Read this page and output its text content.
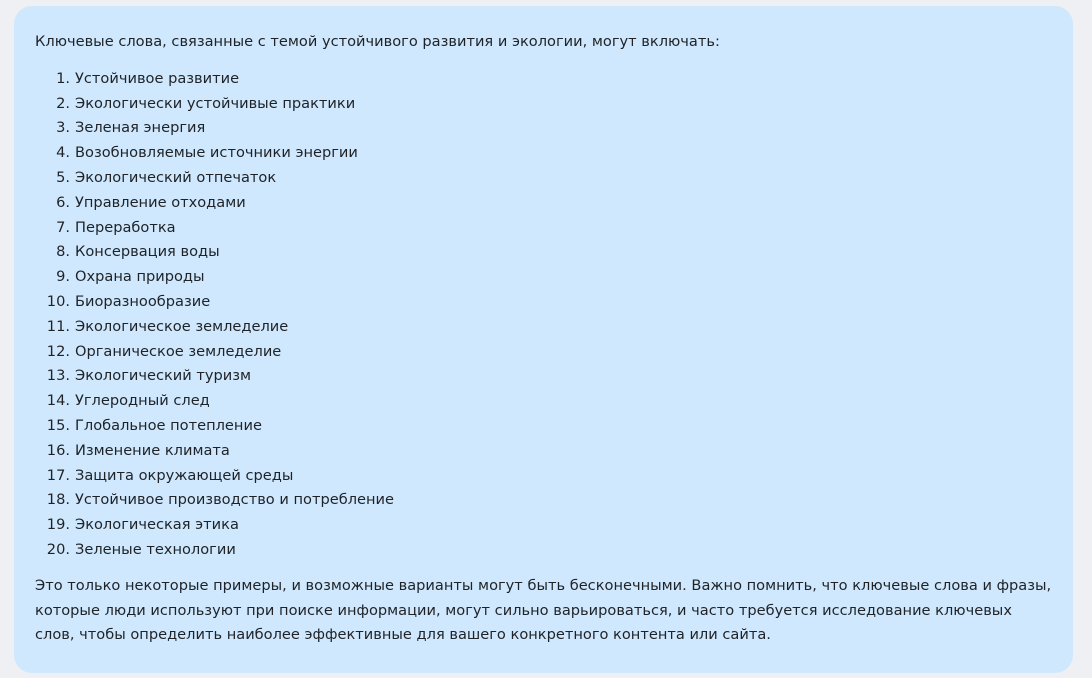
Ключевые слова, связанные с темой устойчивого развития и экологии, могут включать:

1. Устойчивое развитие
2. Экологически устойчивые практики
3. Зеленая энергия
4. Возобновляемые источники энергии
5. Экологический отпечаток
6. Управление отходами
7. Переработка
8. Консервация воды
9. Охрана природы
10. Биоразнообразие
11. Экологическое земледелие
12. Органическое земледелие
13. Экологический туризм
14. Углеродный след
15. Глобальное потепление
16. Изменение климата
17. Защита окружающей среды
18. Устойчивое производство и потребление
19. Экологическая этика
20. Зеленые технологии

Это только некоторые примеры, и возможные варианты могут быть бесконечными. Важно помнить, что ключевые слова и фразы, которые люди используют при поиске информации, могут сильно варьироваться, и часто требуется исследование ключевых слов, чтобы определить наиболее эффективные для вашего конкретного контента или сайта.
